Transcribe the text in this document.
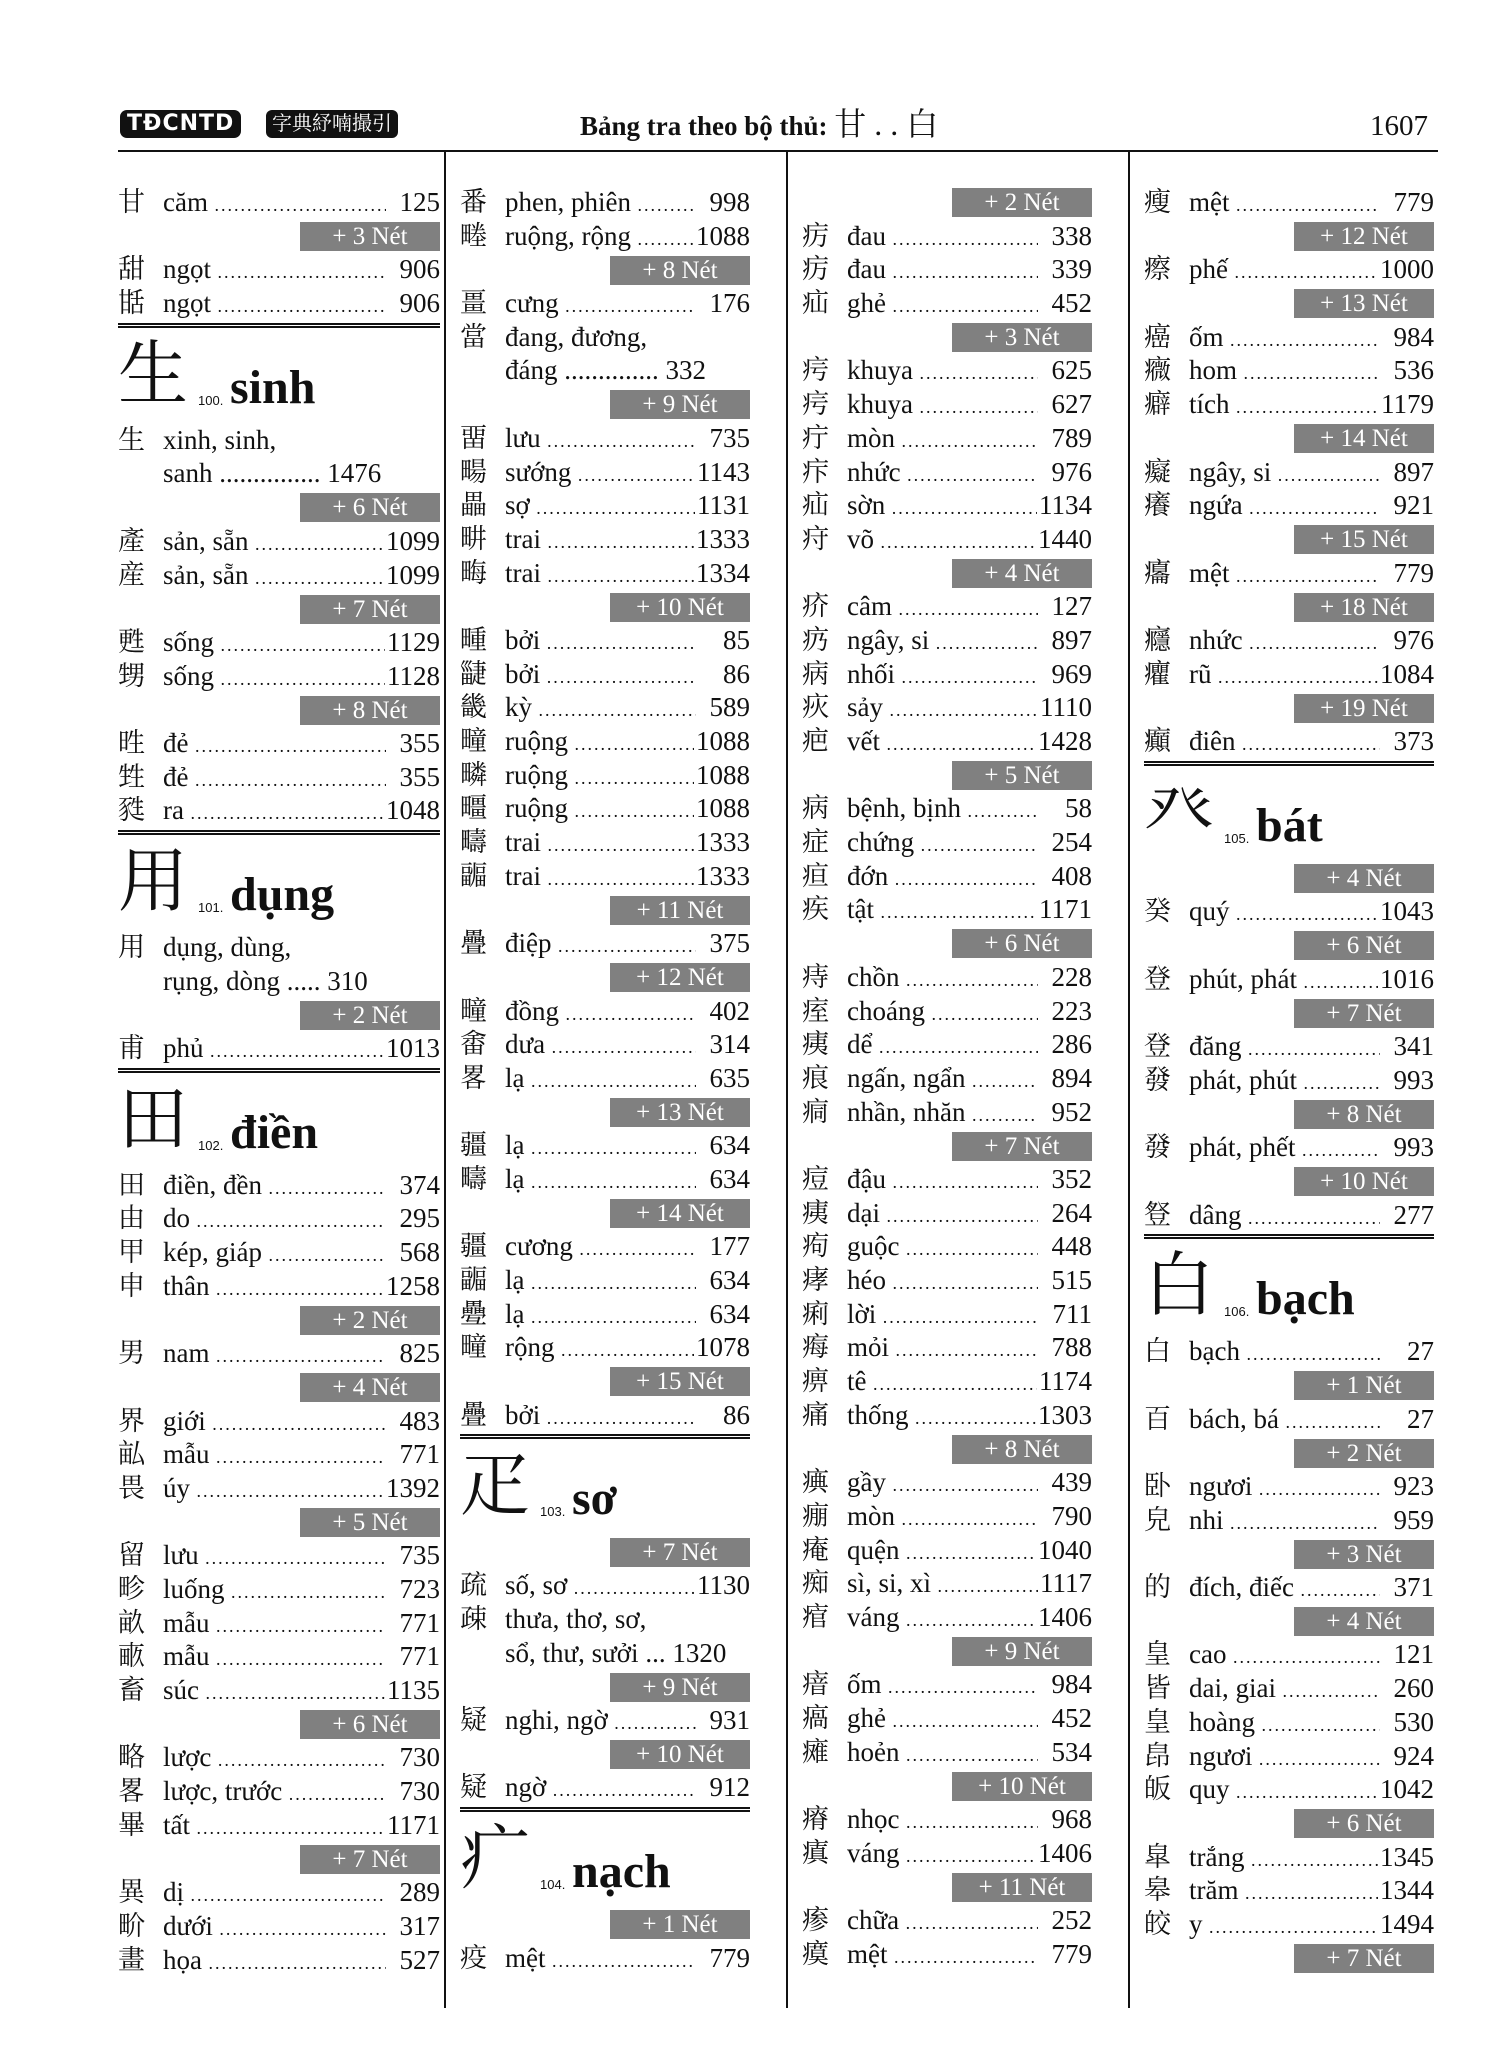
TĐCNTD	字典紓喃撮引	Bảng tra theo bộ thủ: 甘 . . 白	1607
甘 căm .....	125
+ 3 Nét
甜 ngọt .....	906
甛 ngọt .....	906
生 100. sinh
生 xinh, sinh,
sanh ............... 1476
+ 6 Nét
產 sản, sẵn .....	1099
産 sản, sẵn .....	1099
+ 7 Nét
甦 sống .....	1129
甥 sống .....	1128
+ 8 Nét
甠 đẻ .....	355
甡 đẻ .....	355
甤 ra .....	1048
用 101. dụng
用 dụng, dùng,
rụng, dòng ..... 310
+ 2 Nét
甫 phủ .....	1013
田 102. điền
田 điền, đền .....	374
由 do .....	295
甲 kép, giáp .....	568
申 thân .....	1258
+ 2 Nét
男 nam .....	825
+ 4 Nét
界 giới .....	483
畆 mẫu .....	771
畏 úy .....	1392
+ 5 Nét
留 lưu .....	735
畛 luống .....	723
畝 mẫu .....	771
畞 mẫu .....	771
畜 súc .....	1135
+ 6 Nét
略 lược .....	730
畧 lược, trước .....	730
畢 tất .....	1171
+ 7 Nét
異 dị .....	289
畍 dưới .....	317
畫 họa .....	527
番 phen, phiên .....	998
畻 ruộng, rộng .....	1088
+ 8 Nét
畺 cưng .....	176
當 đang, đương,
đáng .............. 332
+ 9 Nét
畱 lưu .....	735
畼 sướng .....	1143
畾 sợ .....	1131
畊 trai .....	1333
畮 trai .....	1334
+ 10 Nét
畽 bởi .....	85
疀 bởi .....	86
畿 kỳ .....	589
疃 ruộng .....	1088
疄 ruộng .....	1088
疅 ruộng .....	1088
疇 trai .....	1333
疈 trai .....	1333
+ 11 Nét
疊 điệp .....	375
+ 12 Nét
疃 đồng .....	402
畬 dưa .....	314
畧 lạ .....	635
+ 13 Nét
疆 lạ .....	634
疇 lạ .....	634
+ 14 Nét
疆 cương .....	177
疈 lạ .....	634
疉 lạ .....	634
疃 rộng .....	1078
+ 15 Nét
疊 bởi .....	86
疋 103. sơ
+ 7 Nét
疏 số, sơ .....	1130
疎 thưa, thơ, sơ,
sổ, thư, sưởi ... 1320
+ 9 Nét
疑 nghi, ngờ .....	931
+ 10 Nét
疑 ngờ .....	912
疒 104. nạch
+ 1 Nét
疫 mệt .....	779
+ 2 Nét
疠 đau .....	338
疠 đau .....	339
疝 ghẻ .....	452
+ 3 Nét
疞 khuya .....	625
疞 khuya .....	627
疔 mòn .....	789
疜 nhức .....	976
疝 sờn .....	1134
疛 võ .....	1440
+ 4 Nét
疥 câm .....	127
疓 ngây, si .....	897
病 nhối .....	969
疢 sảy .....	1110
疤 vết .....	1428
+ 5 Nét
病 bệnh, bịnh .....	58
症 chứng .....	254
疸 đớn .....	408
疾 tật .....	1171
+ 6 Nét
痔 chồn .....	228
痓 choáng .....	223
痍 dể .....	286
痕 ngấn, ngẩn .....	894
痌 nhần, nhăn .....	952
+ 7 Nét
痘 đậu .....	352
痍 dại .....	264
痀 guộc .....	448
痚 héo .....	515
痢 lời .....	711
痗 mỏi .....	788
痹 tê .....	1174
痛 thống .....	1303
+ 8 Nét
痶 gầy .....	439
痭 mòn .....	790
痷 quện .....	1040
痴 sì, si, xì .....	1117
痯 váng .....	1406
+ 9 Nét
瘖 ốm .....	984
瘑 ghẻ .....	452
瘫 hoẻn .....	534
+ 10 Nét
瘠 nhọc .....	968
瘨 váng .....	1406
+ 11 Nét
瘆 chữa .....	252
瘼 mệt .....	779
瘦 mệt .....	779
+ 12 Nét
瘵 phế .....	1000
+ 13 Nét
癌 ốm .....	984
癓 hom .....	536
癖 tích .....	1179
+ 14 Nét
癡 ngây, si .....	897
癢 ngứa .....	921
+ 15 Nét
癟 mệt .....	779
+ 18 Nét
癮 nhức .....	976
癯 rũ .....	1084
+ 19 Nét
癲 điên .....	373
癶 105. bát
+ 4 Nét
癸 quý .....	1043
+ 6 Nét
登 phút, phát .....	1016
+ 7 Nét
登 đăng .....	341
發 phát, phút .....	993
+ 8 Nét
發 phát, phết .....	993
+ 10 Nét
豋 dâng .....	277
白 106. bạch
白 bạch .....	27
+ 1 Nét
百 bách, bá .....	27
+ 2 Nét
卧 ngươi .....	923
皃 nhi .....	959
+ 3 Nét
的 đích, điếc .....	371
+ 4 Nét
皇 cao .....	121
皆 dai, giai .....	260
皇 hoàng .....	530
皍 ngươi .....	924
皈 quy .....	1042
+ 6 Nét
皐 trắng .....	1345
皋 trăm .....	1344
皎 y .....	1494
+ 7 Nét
